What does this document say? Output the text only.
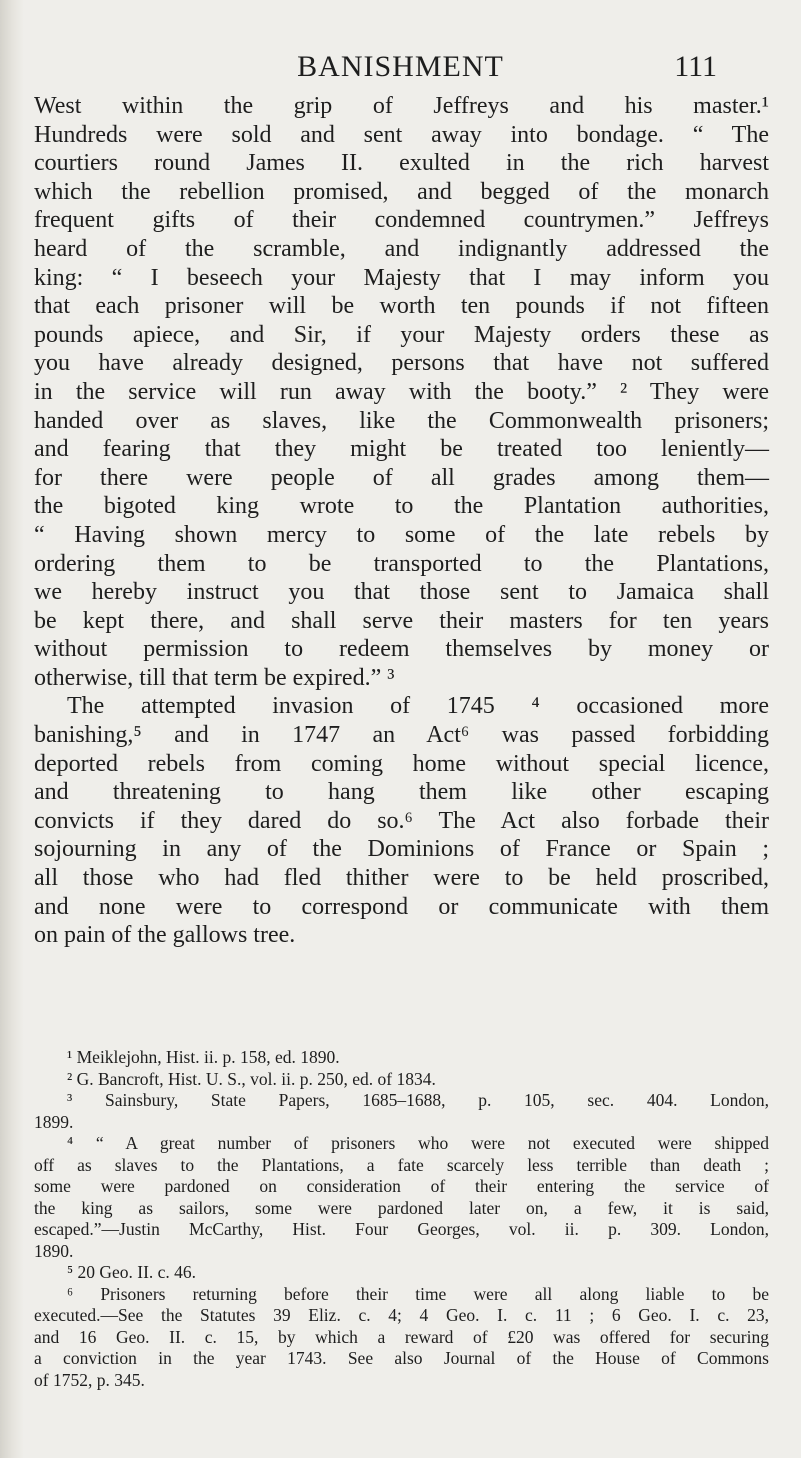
BANISHMENT	111
West within the grip of Jeffreys and his master.¹
Hundreds were sold and sent away into bondage. “ The
courtiers round James II. exulted in the rich harvest
which the rebellion promised, and begged of the monarch
frequent gifts of their condemned countrymen.” Jeffreys
heard of the scramble, and indignantly addressed the
king: “ I beseech your Majesty that I may inform you
that each prisoner will be worth ten pounds if not fifteen
pounds apiece, and Sir, if your Majesty orders these as
you have already designed, persons that have not suffered
in the service will run away with the booty.” ² They were
handed over as slaves, like the Commonwealth prisoners;
and fearing that they might be treated too leniently—
for there were people of all grades among them—
the bigoted king wrote to the Plantation authorities,
“ Having shown mercy to some of the late rebels by
ordering them to be transported to the Plantations,
we hereby instruct you that those sent to Jamaica shall
be kept there, and shall serve their masters for ten years
without permission to redeem themselves by money or
otherwise, till that term be expired.” ³
The attempted invasion of 1745 ⁴ occasioned more
banishing,⁵ and in 1747 an Act⁶ was passed forbidding
deported rebels from coming home without special licence,
and threatening to hang them like other escaping
convicts if they dared do so.⁶ The Act also forbade their
sojourning in any of the Dominions of France or Spain ;
all those who had fled thither were to be held proscribed,
and none were to correspond or communicate with them
on pain of the gallows tree.
¹ Meiklejohn, Hist. ii. p. 158, ed. 1890.
² G. Bancroft, Hist. U. S., vol. ii. p. 250, ed. of 1834.
³ Sainsbury, State Papers, 1685–1688, p. 105, sec. 404. London,
1899.
⁴ “ A great number of prisoners who were not executed were shipped
off as slaves to the Plantations, a fate scarcely less terrible than death ;
some were pardoned on consideration of their entering the service of
the king as sailors, some were pardoned later on, a few, it is said,
escaped.”—Justin McCarthy, Hist. Four Georges, vol. ii. p. 309. London,
1890.
⁵ 20 Geo. II. c. 46.
⁶ Prisoners returning before their time were all along liable to be
executed.—See the Statutes 39 Eliz. c. 4; 4 Geo. I. c. 11 ; 6 Geo. I. c. 23,
and 16 Geo. II. c. 15, by which a reward of £20 was offered for securing
a conviction in the year 1743. See also Journal of the House of Commons
of 1752, p. 345.
